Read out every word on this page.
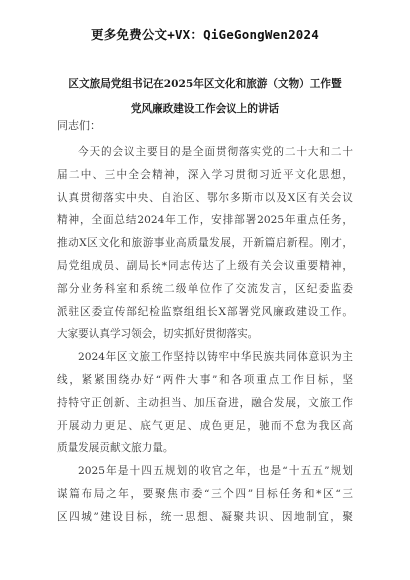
更多免费公文+VX：QiGeGongWen2024
区文旅局党组书记在2025年区文化和旅游（文物）工作暨
党风廉政建设工作会议上的讲话
同志们：
今天的会议主要目的是全面贯彻落实党的二十大和二十
届二中、三中全会精神，深入学习贯彻习近平文化思想，
认真贯彻落实中央、自治区、鄂尔多斯市以及X区有关会议
精神，全面总结2024年工作，安排部署2025年重点任务，
推动X区文化和旅游事业高质量发展，开新篇启新程。刚才，
局党组成员、副局长*同志传达了上级有关会议重要精神，
部分业务科室和系统二级单位作了交流发言，区纪委监委
派驻区委宣传部纪检监察组组长X部署党风廉政建设工作。
大家要认真学习领会，切实抓好贯彻落实。
2024年区文旅工作坚持以铸牢中华民族共同体意识为主
线，紧紧围绕办好“两件大事”和各项重点工作目标，坚
持特守正创新、主动担当、加压奋进，融合发展，文旅工作
开展动力更足、底气更足、成色更足，驰而不怠为我区高
质量发展贡献文旅力量。
2025年是十四五规划的收官之年，也是“十五五”规划
谋篇布局之年，要聚焦市委“三个四”目标任务和*区“三
区四城”建设目标，统一思想、凝聚共识、因地制宜，聚
